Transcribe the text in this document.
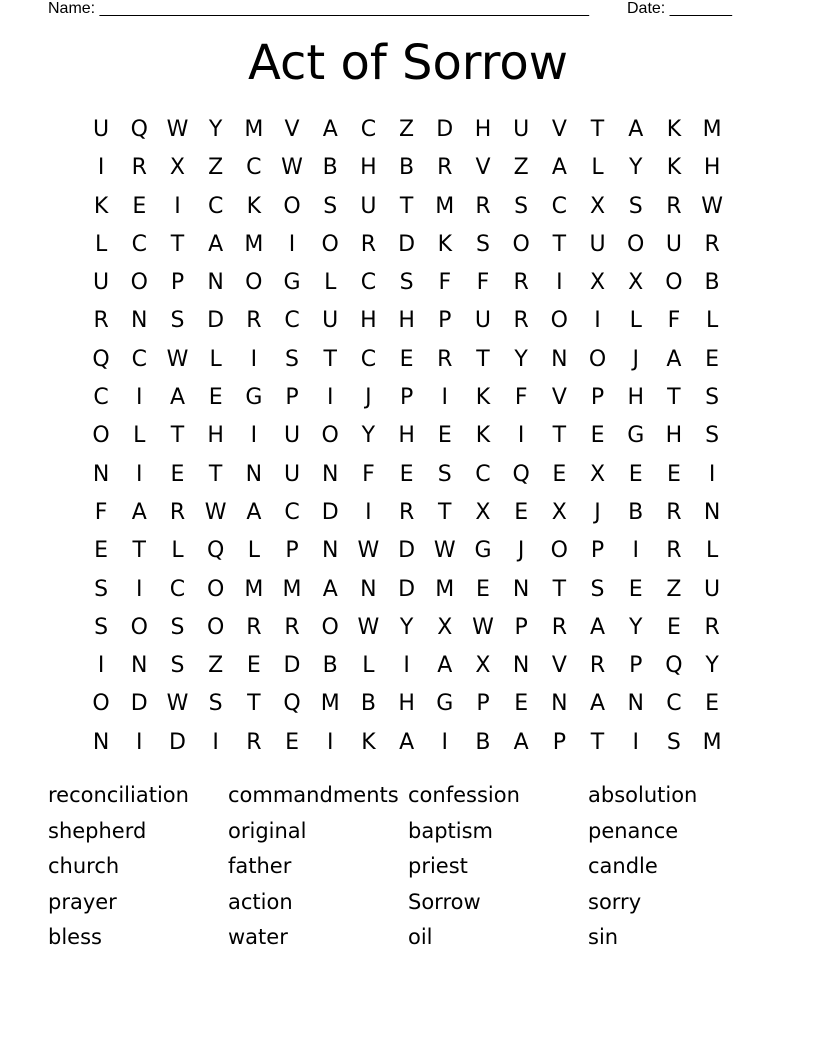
Name: _______________________________________________________ Date: _______
Act of Sorrow
U Q W Y M V	A	C	Z	D H U	V	T	A	K M
I	R	X	Z	C W B	H	B	R	V	Z	A	L	Y	K	H
K	E	I	C	K	O	S	U	T M R	S	C	X	S	R W
L	C	T	A M	I	O R	D	K	S	O	T	U O U	R
U O	P	N O G	L	C	S	F	F	R	I	X	X O B
R	N	S	D	R	C	U H H	P	U	R O	I	L	F	L
Q C W L	I	S	T	C	E	R	T	Y	N O	J	A	E
C	I	A	E	G	P	I	J	P	I	K	F	V	P	H	T	S
O	L	T	H	I	U O	Y	H	E	K	I	T	E	G H	S
N	I	E	T	N U N	F	E	S	C Q	E	X	E	E	I
F	A	R W A	C	D	I	R	T	X	E	X	J	B	R	N
E	T	L	Q	L	P	N W D W G	J	O	P	I	R	L
S	I	C O M M A	N D M E	N	T	S	E	Z	U
S	O	S	O R	R O W Y	X W P	R	A	Y	E	R
I	N	S	Z	E	D	B	L	I	A	X	N	V	R	P	Q	Y
O D W S	T	Q M B	H G	P	E	N	A	N	C	E
N	I	D	I	R	E	I	K	A	I	B	A	P	T	I	S M
reconciliation	commandments confession	absolution
shepherd	original	baptism	penance
church	father	priest	candle
prayer	action	Sorrow	sorry
bless	water	oil	sin
